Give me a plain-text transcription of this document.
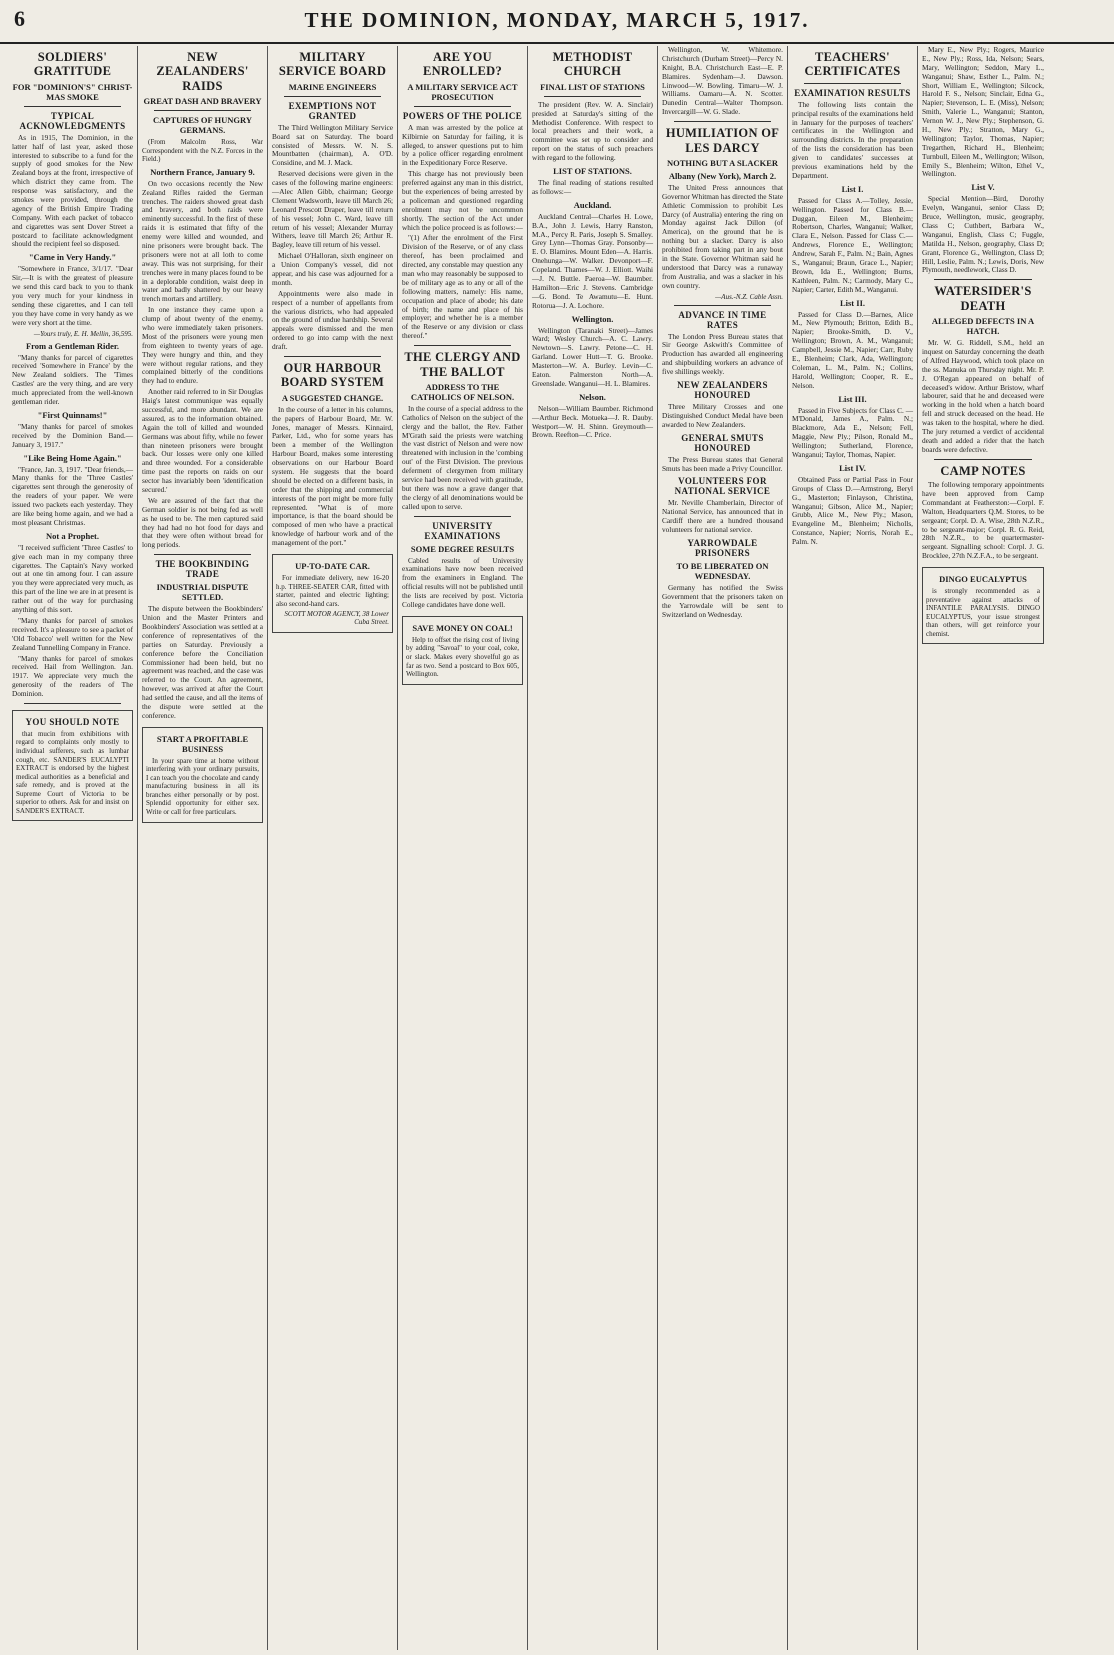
6	THE DOMINION, MONDAY, MARCH 5, 1917.
SOLDIERS' GRATITUDE
FOR "DOMINION'S" CHRIST-MAS SMOKE
TYPICAL ACKNOWLEDGMENTS

As in 1915, The Dominion, in the latter half of last year, asked those interested to subscribe to a fund for the supply of good smokes for the New Zealand boys at the front, irrespective of which district they came from. The response was satisfactory, and the smokes were provided, through the agency of the British Empire Trading Company. With each packet of tobacco and cigarettes was sent Dover Street a postcard to facilitate acknowledgment should the recipient feel so disposed.

"Came in Very Handy."

"Somewhere in France, 3/1/17. "Dear Sir,—It is with the greatest of pleasure we send this card back to you to thank you very much for your kindness in sending these cigarettes, and I can tell you they have come in very handy as we were very short at the time.

—Yours truly, E. H. Mellin, 36,595.
From a Gentleman Rider.

"Many thanks for parcel of cigarettes received 'Somewhere in France' by the New Zealand soldiers. The 'Times Castles' are the very thing, and are very much appreciated from the well-known gentleman rider.

"First Quinnams!"

"Many thanks for parcel of smokes received by the Dominion Band.—January 3, 1917."

"Like Being Home Again."

"France, Jan. 3, 1917. "Dear friends,—Many thanks for the 'Three Castles' cigarettes sent through the generosity of the readers of your paper. We were issued two packets each yesterday. They are like being home again, and we had a most pleasant Christmas.

Not a Prophet.

"I received sufficient 'Three Castles' to give each man in my company three cigarettes. The Captain's Navy worked out at one tin among four. I can assure you they were appreciated very much, as this part of the line we are in at present is rather out of the way for purchasing anything of this sort.

"Many thanks for parcel of smokes received. It's a pleasure to see a packet of 'Old Tobacco' well written for the New Zealand Tunnelling Company in France.

"Many thanks for parcel of smokes received. Hail from Wellington. Jan. 1917. We appreciate very much the generosity of the readers of The Dominion.

YOU SHOULD NOTE

that mucin from exhibitions with regard to complaints only mostly to individual sufferers, such as lumbar cough, etc. SANDER'S EUCALYPTI EXTRACT is endorsed by the highest medical authorities as a beneficial and safe remedy, and is proved at the Supreme Court of Victoria to be superior to others. Ask for and insist on SANDER'S EXTRACT.

NEW ZEALANDERS' RAIDS
GREAT DASH AND BRAVERY
CAPTURES OF HUNGRY GERMANS.

(From Malcolm Ross, War Correspondent with the N.Z. Forces in the Field.)

Northern France, January 9.

On two occasions recently the New Zealand Rifles raided the German trenches. The raiders showed great dash and bravery, and both raids were eminently successful. In the first of these raids it is estimated that fifty of the enemy were killed and wounded, and nine prisoners were brought back. The prisoners were not at all loth to come away. This was not surprising, for their trenches were in many places found to be in a deplorable condition, waist deep in water and badly shattered by our heavy trench mortars and artillery.

In one instance they came upon a clump of about twenty of the enemy, who were immediately taken prisoners. Most of the prisoners were young men from eighteen to twenty years of age. They were hungry and thin, and they were without regular rations, and they complained bitterly of the conditions they had to endure.

Another raid referred to in Sir Douglas Haig's latest communique was equally successful, and more abundant. We are assured, as to the information obtained. Again the toll of killed and wounded Germans was about fifty, while no fewer than nineteen prisoners were brought back. Our losses were only one killed and three wounded. For a considerable time past the reports on raids on our sector has invariably been 'identification secured.'

We are assured of the fact that the German soldier is not being fed as well as he used to be. The men captured said they had had no hot food for days and that they were often without bread for long periods.

THE BOOKBINDING TRADE
INDUSTRIAL DISPUTE SETTLED.

The dispute between the Bookbinders' Union and the Master Printers and Bookbinders' Association was settled at a conference of representatives of the parties on Saturday. Previously a conference before the Conciliation Commissioner had been held, but no agreement was reached, and the case was referred to the Court. An agreement, however, was arrived at after the Court had settled the cause, and all the items of the dispute were settled at the conference.

START A PROFITABLE BUSINESS

In your spare time at home without interfering with your ordinary pursuits, I can teach you the chocolate and candy manufacturing business in all its branches either personally or by post. Splendid opportunity for either sex. Write or call for free particulars.

MILITARY SERVICE BOARD
MARINE ENGINEERS
EXEMPTIONS NOT GRANTED

The Third Wellington Military Service Board sat on Saturday. The board consisted of Messrs. W. N. S. Mountbatten (chairman), A. O'D. Considine, and M. J. Mack.

Reserved decisions were given in the cases of the following marine engineers:—Alec Allen Gibb, chairman; George Clement Wadsworth, leave till March 26; Leonard Prescott Draper, leave till return of his vessel; John C. Ward, leave till return of his vessel; Alexander Murray Withers, leave till March 26; Arthur R. Bagley, leave till return of his vessel.

Michael O'Halloran, sixth engineer on a Union Company's vessel, did not appear, and his case was adjourned for a month.

Appointments were also made in respect of a number of appellants from the various districts, who had appealed on the ground of undue hardship. Several appeals were dismissed and the men ordered to go into camp with the next draft.

OUR HARBOUR BOARD SYSTEM
A SUGGESTED CHANGE.

In the course of a letter in his columns, the papers of Harbour Board, Mr. W. Jones, manager of Messrs. Kinnaird, Parker, Ltd., who for some years has been a member of the Wellington Harbour Board, makes some interesting observations on our Harbour Board system. He suggests that the board should be elected on a different basis, in order that the shipping and commercial interests of the port might be more fully represented. "What is of more importance, is that the board should be composed of men who have a practical knowledge of harbour work and of the management of the port."

UP-TO-DATE CAR.

For immediate delivery, new 16-20 h.p. THREE-SEATER CAR, fitted with starter, painted and electric lighting; also second-hand cars.

SCOTT MOTOR AGENCY, 38 Lower Cuba Street.
ARE YOU ENROLLED?
A MILITARY SERVICE ACT PROSECUTION
POWERS OF THE POLICE

A man was arrested by the police at Kilbirnie on Saturday for failing, it is alleged, to answer questions put to him by a police officer regarding enrolment in the Expeditionary Force Reserve.

This charge has not previously been preferred against any man in this district, but the experiences of being arrested by a policeman and questioned regarding enrolment may not be uncommon shortly. The section of the Act under which the police proceed is as follows:—

"(1) After the enrolment of the First Division of the Reserve, or of any class thereof, has been proclaimed and directed, any constable may question any man who may reasonably be supposed to be of military age as to any or all of the following matters, namely: His name, occupation and place of abode; his date of birth; the name and place of his employer; and whether he is a member of the Reserve or any division or class thereof."

THE CLERGY AND THE BALLOT
ADDRESS TO THE CATHOLICS OF NELSON.

In the course of a special address to the Catholics of Nelson on the subject of the clergy and the ballot, the Rev. Father M'Grath said the priests were watching the vast district of Nelson and were now threatened with inclusion in the 'combing out' of the First Division. The previous deferment of clergymen from military service had been received with gratitude, but there was now a grave danger that the clergy of all denominations would be called upon to serve.

UNIVERSITY EXAMINATIONS
SOME DEGREE RESULTS

Cabled results of University examinations have now been received from the examiners in England. The official results will not be published until the lists are received by post. Victoria College candidates have done well.

SAVE MONEY ON COAL!

Help to offset the rising cost of living by adding "Savoal" to your coal, coke, or slack. Makes every shovelful go as far as two. Send a postcard to Box 605, Wellington.

METHODIST CHURCH
FINAL LIST OF STATIONS

The president (Rev. W. A. Sinclair) presided at Saturday's sitting of the Methodist Conference. With respect to local preachers and their work, a committee was set up to consider and report on the status of such preachers with regard to the following.

LIST OF STATIONS.

The final reading of stations resulted as follows:—

Auckland.

Auckland Central—Charles H. Lowe, B.A., John J. Lewis, Harry Ranston, M.A., Percy R. Paris, Joseph S. Smalley. Grey Lynn—Thomas Gray. Ponsonby—E. O. Blamires. Mount Eden—A. Harris. Onehunga—W. Walker. Devonport—F. Copeland. Thames—W. J. Elliott. Waihi—J. N. Buttle. Paeroa—W. Baumber. Hamilton—Eric J. Stevens. Cambridge—G. Bond. Te Awamutu—E. Hunt. Rotorua—J. A. Lochore.

Wellington.

Wellington (Taranaki Street)—James Ward; Wesley Church—A. C. Lawry. Newtown—S. Lawry. Petone—C. H. Garland. Lower Hutt—T. G. Brooke. Masterton—W. A. Burley. Levin—C. Eaton. Palmerston North—A. Greenslade. Wanganui—H. L. Blamires.

Nelson.

Nelson—William Baumber. Richmond—Arthur Beck. Motueka—J. R. Dauby. Westport—W. H. Shinn. Greymouth—Brown. Reefton—C. Price.

Wellington, W. Whitemore. Christchurch (Durham Street)—Percy N. Knight, B.A. Christchurch East—E. P. Blamires. Sydenham—J. Dawson. Linwood—W. Bowling. Timaru—W. J. Williams. Oamaru—A. N. Scotter. Dunedin Central—Walter Thompson. Invercargill—W. G. Slade.

HUMILIATION OF LES DARCY
NOTHING BUT A SLACKER
Albany (New York), March 2.

The United Press announces that Governor Whitman has directed the State Athletic Commission to prohibit Les Darcy (of Australia) entering the ring on Monday against Jack Dillon (of America), on the ground that he is nothing but a slacker. Darcy is also prohibited from taking part in any bout in the State. Governor Whitman said he understood that Darcy was a runaway from Australia, and was a slacker in his own country.

—Aus.-N.Z. Cable Assn.
ADVANCE IN TIME RATES

The London Press Bureau states that Sir George Askwith's Committee of Production has awarded all engineering and shipbuilding workers an advance of five shillings weekly.

NEW ZEALANDERS HONOURED

Three Military Crosses and one Distinguished Conduct Medal have been awarded to New Zealanders.

GENERAL SMUTS HONOURED

The Press Bureau states that General Smuts has been made a Privy Councillor.

VOLUNTEERS FOR NATIONAL SERVICE

Mr. Neville Chamberlain, Director of National Service, has announced that in Cardiff there are a hundred thousand volunteers for national service.

YARROWDALE PRISONERS
TO BE LIBERATED ON WEDNESDAY.

Germany has notified the Swiss Government that the prisoners taken on the Yarrowdale will be sent to Switzerland on Wednesday.

TEACHERS' CERTIFICATES
EXAMINATION RESULTS

The following lists contain the principal results of the examinations held in January for the purposes of teachers' certificates in the Wellington and surrounding districts. In the preparation of the lists the consideration has been given to candidates' successes at previous examinations held by the Department.

List I.

Passed for Class A.—Tolley, Jessie, Wellington. Passed for Class B.—Duggan, Eileen M., Blenheim; Robertson, Charles, Wanganui; Walker, Clara E., Nelson. Passed for Class C.—Andrews, Florence E., Wellington; Andrew, Sarah F., Palm. N.; Bain, Agnes S., Wanganui; Braun, Grace L., Napier; Brown, Ida E., Wellington; Burns, Kathleen, Palm. N.; Carmody, Mary C., Napier; Carter, Edith M., Wanganui.

List II.

Passed for Class D.—Barnes, Alice M., New Plymouth; Britton, Edith B., Napier; Brooke-Smith, D. V., Wellington; Brown, A. M., Wanganui; Campbell, Jessie M., Napier; Carr, Ruby E., Blenheim; Clark, Ada, Wellington; Coleman, L. M., Palm. N.; Collins, Harold, Wellington; Cooper, R. E., Nelson.

List III.

Passed in Five Subjects for Class C. —M'Donald, James A., Palm. N.; Blackmore, Ada E., Nelson; Fell, Maggie, New Ply.; Pilson, Ronald M., Wellington; Sutherland, Florence, Wanganui; Taylor, Thomas, Napier.

List IV.

Obtained Pass or Partial Pass in Four Groups of Class D.—Armstrong, Beryl G., Masterton; Finlayson, Christina, Wanganui; Gibson, Alice M., Napier; Grubb, Alice M., New Ply.; Mason, Evangeline M., Blenheim; Nicholls, Constance, Napier; Norris, Norah E., Palm. N.

Mary E., New Ply.; Rogers, Maurice E., New Ply.; Ross, Ida, Nelson; Sears, Mary, Wellington; Seddon, Mary L., Wanganui; Shaw, Esther L., Palm. N.; Short, William E., Wellington; Silcock, Harold F. S., Nelson; Sinclair, Edna G., Napier; Stevenson, L. E. (Miss), Nelson; Smith, Valerie L., Wanganui; Stanton, Vernon W. J., New Ply.; Stephenson, G. H., New Ply.; Stratton, Mary G., Wellington; Taylor, Thomas, Napier; Tregarthen, Richard H., Blenheim; Turnbull, Eileen M., Wellington; Wilson, Emily S., Blenheim; Wilton, Ethel V., Wellington.

List V.

Special Mention—Bird, Dorothy Evelyn, Wanganui, senior Class D; Bruce, Wellington, music, geography, Class C; Cuthbert, Barbara W., Wanganui, English, Class C; Fuggle, Matilda H., Nelson, geography, Class D; Grant, Florence G., Wellington, Class D; Hill, Leslie, Palm. N.; Lewis, Doris, New Plymouth, needlework, Class D.

WATERSIDER'S DEATH
ALLEGED DEFECTS IN A HATCH.

Mr. W. G. Riddell, S.M., held an inquest on Saturday concerning the death of Alfred Haywood, which took place on the ss. Manuka on Thursday night. Mr. P. J. O'Regan appeared on behalf of deceased's widow. Arthur Bristow, wharf labourer, said that he and deceased were working in the hold when a hatch board fell and struck deceased on the head. He was taken to the hospital, where he died. The jury returned a verdict of accidental death and added a rider that the hatch boards were defective.

CAMP NOTES

The following temporary appointments have been approved from Camp Commandant at Featherston:—Corpl. F. Walton, Headquarters Q.M. Stores, to be sergeant; Corpl. D. A. Wise, 28th N.Z.R., to be sergeant-major; Corpl. R. G. Reid, 28th N.Z.R., to be quartermaster-sergeant. Signalling school: Corpl. J. G. Brocklee, 27th N.Z.F.A., to be sergeant.

DINGO EUCALYPTUS

is strongly recommended as a preventative against attacks of INFANTILE PARALYSIS. DINGO EUCALYPTUS, your issue strongest than others, will get reinforce your chemist.
